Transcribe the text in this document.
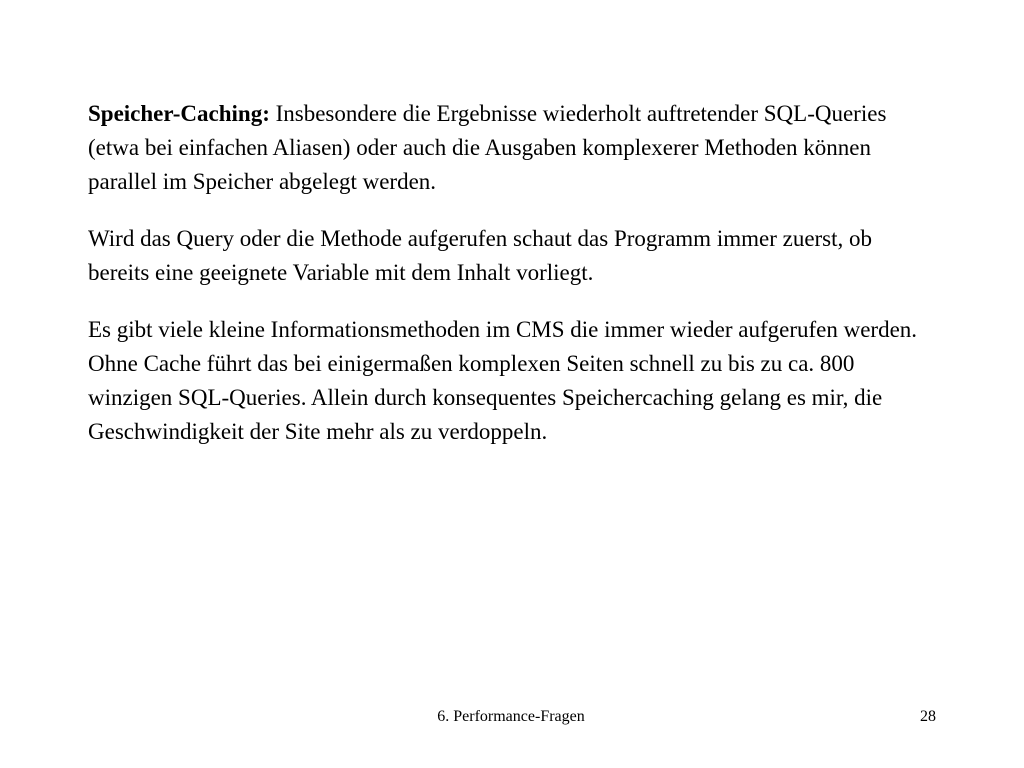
Speicher-Caching: Insbesondere die Ergebnisse wiederholt auftretender SQL-Queries (etwa bei einfachen Aliasen) oder auch die Ausgaben komplexerer Methoden können parallel im Speicher abgelegt werden.

Wird das Query oder die Methode aufgerufen schaut das Programm immer zuerst, ob bereits eine geeignete Variable mit dem Inhalt vorliegt.

Es gibt viele kleine Informationsmethoden im CMS die immer wieder aufgerufen werden. Ohne Cache führt das bei einigermaßen komplexen Seiten schnell zu bis zu ca. 800 winzigen SQL-Queries. Allein durch konsequentes Speichercaching gelang es mir, die Geschwindigkeit der Site mehr als zu verdoppeln.

6. Performance-Fragen	28
